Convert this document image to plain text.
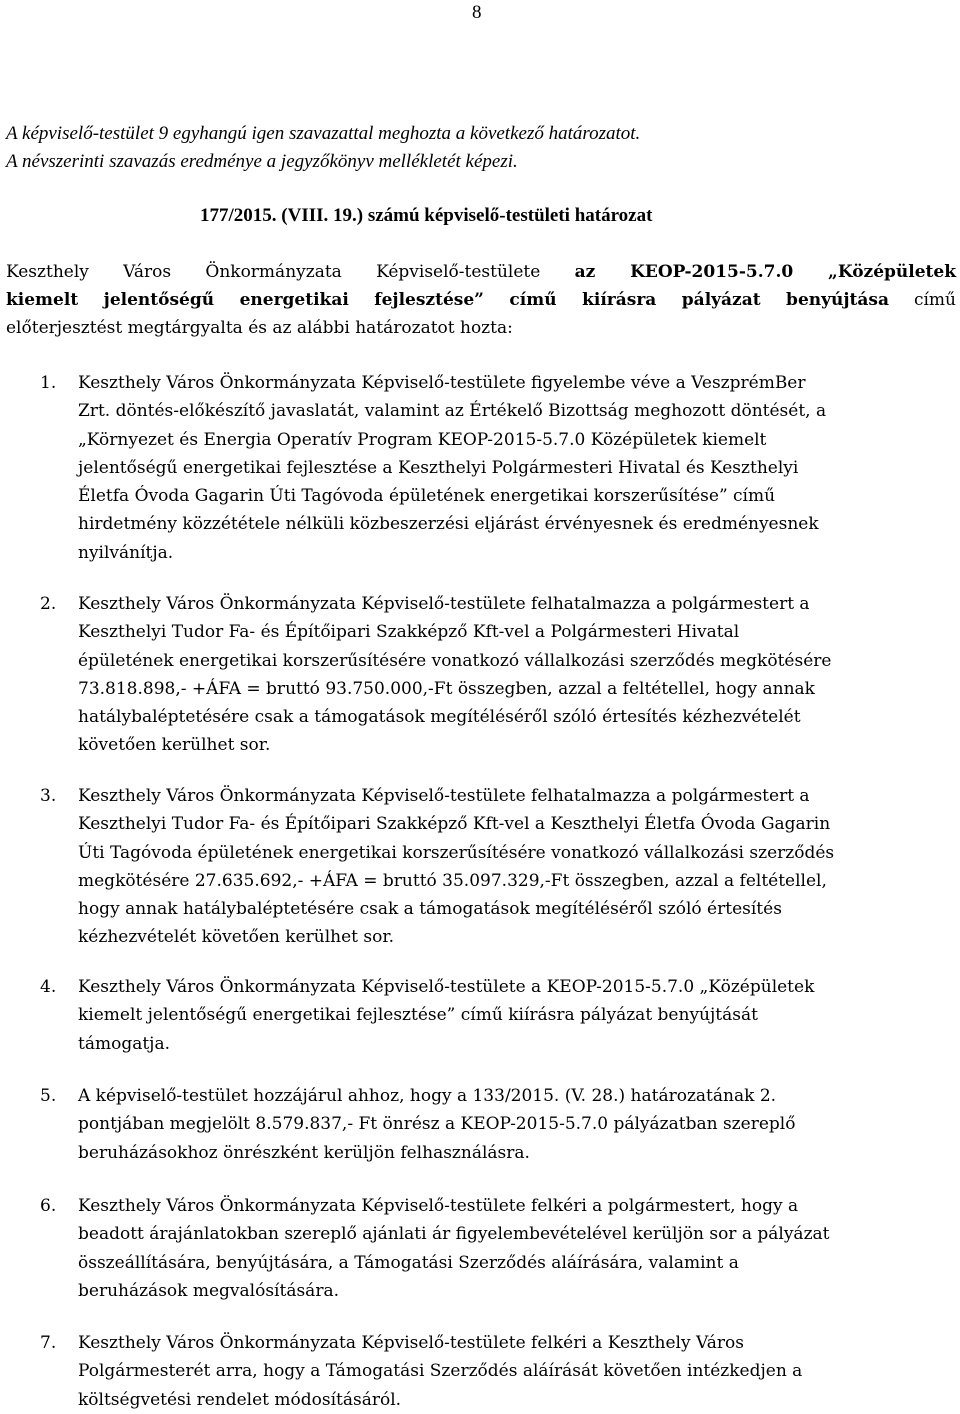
8
A képviselő-testület 9 egyhangú igen szavazattal meghozta a következő határozatot.
A névszerinti szavazás eredménye a jegyzőkönyv mellékletét képezi.
177/2015. (VIII. 19.) számú képviselő-testületi határozat
Keszthely Város Önkormányzata Képviselő-testülete az KEOP-2015-5.7.0 „Középületek
kiemelt jelentőségű energetikai fejlesztése” című kiírásra pályázat benyújtása című
előterjesztést megtárgyalta és az alábbi határozatot hozta:
1. Keszthely Város Önkormányzata Képviselő-testülete figyelembe véve a VeszprémBer
Zrt. döntés-előkészítő javaslatát, valamint az Értékelő Bizottság meghozott döntését, a
„Környezet és Energia Operatív Program KEOP-2015-5.7.0 Középületek kiemelt
jelentőségű energetikai fejlesztése a Keszthelyi Polgármesteri Hivatal és Keszthelyi
Életfa Óvoda Gagarin Úti Tagóvoda épületének energetikai korszerűsítése” című
hirdetmény közzététele nélküli közbeszerzési eljárást érvényesnek és eredményesnek
nyilvánítja.
2. Keszthely Város Önkormányzata Képviselő-testülete felhatalmazza a polgármestert a
Keszthelyi Tudor Fa- és Építőipari Szakképző Kft-vel a Polgármesteri Hivatal
épületének energetikai korszerűsítésére vonatkozó vállalkozási szerződés megkötésére
73.818.898,- +ÁFA = bruttó 93.750.000,-Ft összegben, azzal a feltétellel, hogy annak
hatálybaléptetésére csak a támogatások megítéléséről szóló értesítés kézhezvételét
követően kerülhet sor.
3. Keszthely Város Önkormányzata Képviselő-testülete felhatalmazza a polgármestert a
Keszthelyi Tudor Fa- és Építőipari Szakképző Kft-vel a Keszthelyi Életfa Óvoda Gagarin
Úti Tagóvoda épületének energetikai korszerűsítésére vonatkozó vállalkozási szerződés
megkötésére 27.635.692,- +ÁFA = bruttó 35.097.329,-Ft összegben, azzal a feltétellel,
hogy annak hatálybaléptetésére csak a támogatások megítéléséről szóló értesítés
kézhezvételét követően kerülhet sor.
4. Keszthely Város Önkormányzata Képviselő-testülete a KEOP-2015-5.7.0 „Középületek
kiemelt jelentőségű energetikai fejlesztése” című kiírásra pályázat benyújtását
támogatja.
5. A képviselő-testület hozzájárul ahhoz, hogy a 133/2015. (V. 28.) határozatának 2.
pontjában megjelölt 8.579.837,- Ft önrész a KEOP-2015-5.7.0 pályázatban szereplő
beruházásokhoz önrészként kerüljön felhasználásra.
6. Keszthely Város Önkormányzata Képviselő-testülete felkéri a polgármestert, hogy a
beadott árajánlatokban szereplő ajánlati ár figyelembevételével kerüljön sor a pályázat
összeállítására, benyújtására, a Támogatási Szerződés aláírására, valamint a
beruházások megvalósítására.
7. Keszthely Város Önkormányzata Képviselő-testülete felkéri a Keszthely Város
Polgármesterét arra, hogy a Támogatási Szerződés aláírását követően intézkedjen a
költségvetési rendelet módosításáról.
